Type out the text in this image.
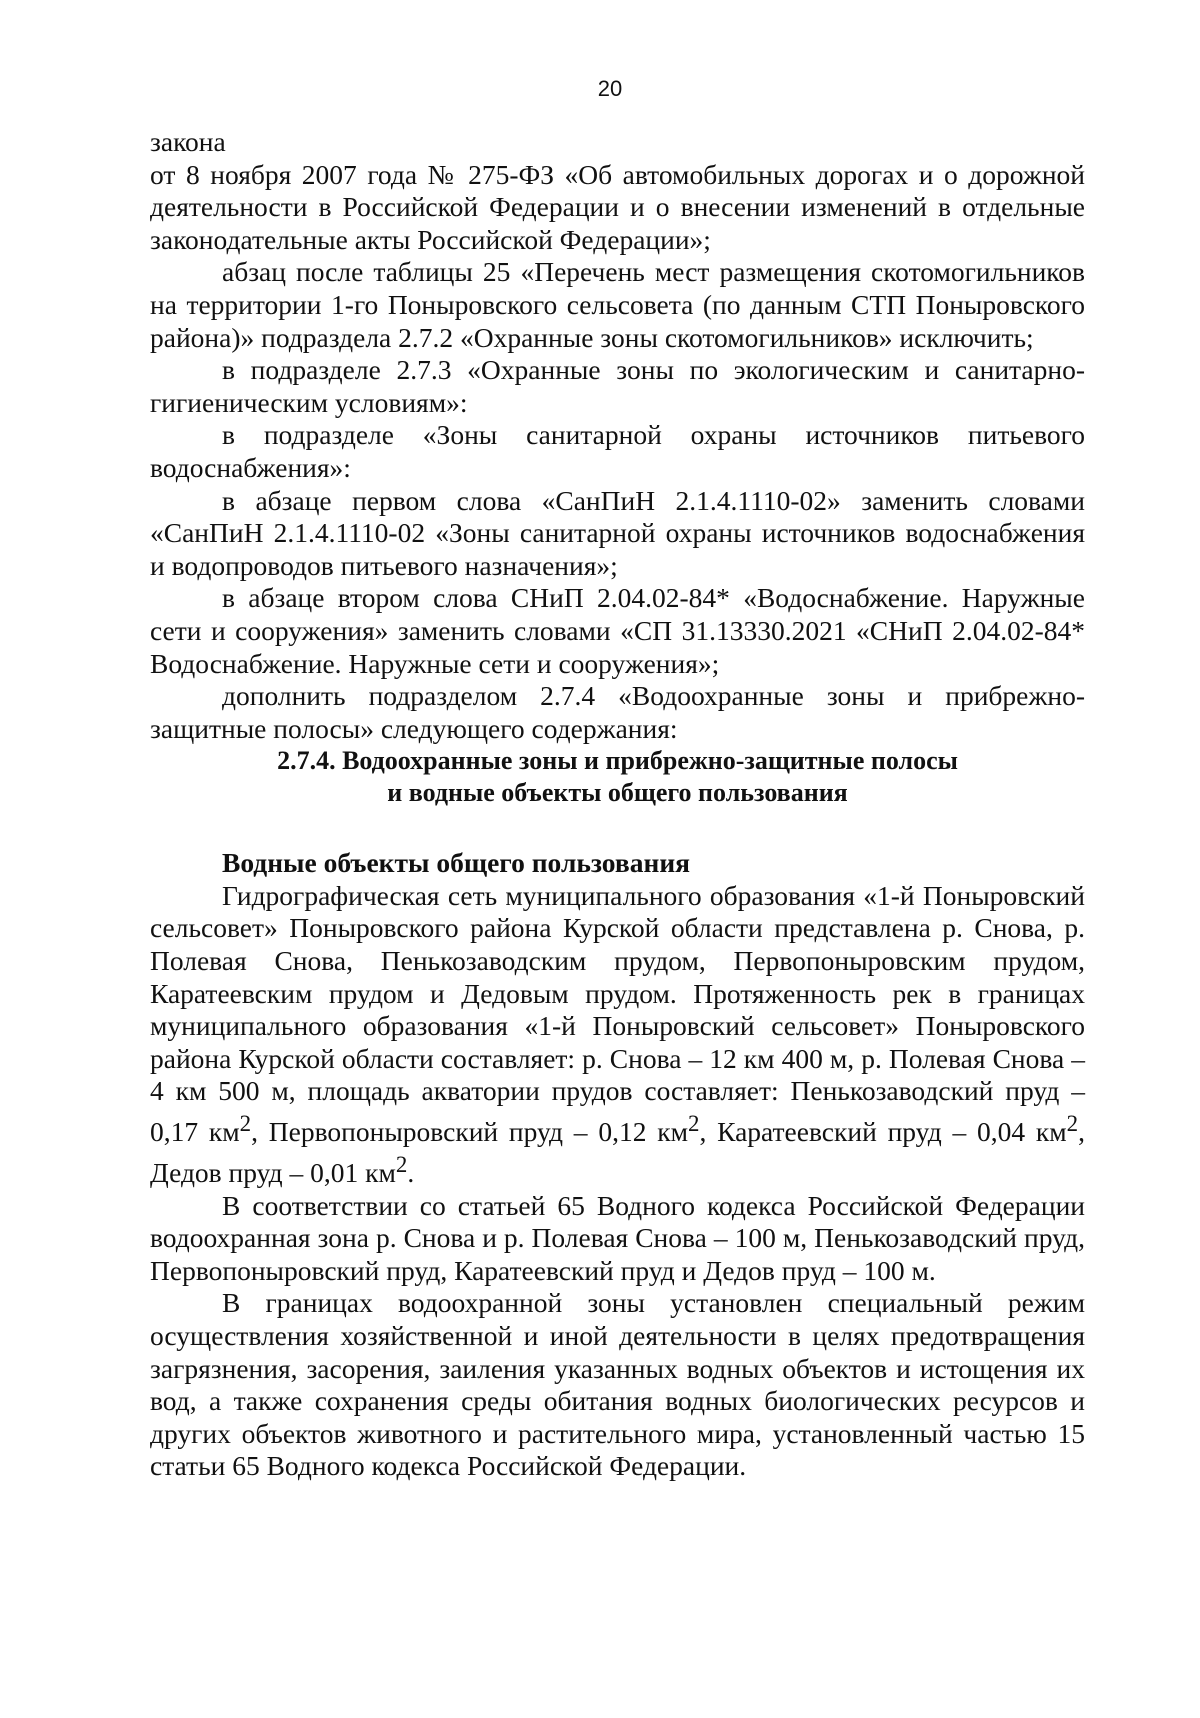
20

закона

от 8 ноября 2007 года № 275-ФЗ «Об автомобильных дорогах и о дорожной деятельности в Российской Федерации и о внесении изменений в отдельные законодательные акты Российской Федерации»;

абзац после таблицы 25 «Перечень мест размещения скотомогильников на территории 1-го Поныровского сельсовета (по данным СТП Поныровского района)» подраздела 2.7.2 «Охранные зоны скотомогильников» исключить;

в подразделе 2.7.3 «Охранные зоны по экологическим и санитарно-гигиеническим условиям»:

в подразделе «Зоны санитарной охраны источников питьевого водоснабжения»:

в абзаце первом слова «СанПиН 2.1.4.1110-02» заменить словами «СанПиН 2.1.4.1110-02 «Зоны санитарной охраны источников водоснабжения и водопроводов питьевого назначения»;

в абзаце втором слова СНиП 2.04.02-84* «Водоснабжение. Наружные сети и сооружения» заменить словами «СП 31.13330.2021 «СНиП 2.04.02-84* Водоснабжение. Наружные сети и сооружения»;

дополнить подразделом 2.7.4 «Водоохранные зоны и прибрежно-защитные полосы» следующего содержания:

2.7.4. Водоохранные зоны и прибрежно-защитные полосы
и водные объекты общего пользования

Водные объекты общего пользования

Гидрографическая сеть муниципального образования «1-й Поныровский сельсовет» Поныровского района Курской области представлена р. Снова, р. Полевая Снова, Пенькозаводским прудом, Первопоныровским прудом, Каратеевским прудом и Дедовым прудом. Протяженность рек в границах муниципального образования «1-й Поныровский сельсовет» Поныровского района Курской области составляет: р. Снова – 12 км 400 м, р. Полевая Снова – 4 км 500 м, площадь акватории прудов составляет: Пенькозаводский пруд – 0,17 $км^2$, Первопоныровский пруд – 0,12 $км^2$, Каратеевский пруд – 0,04 $км^2$, Дедов пруд – 0,01 $км^2$.

В соответствии со статьей 65 Водного кодекса Российской Федерации водоохранная зона р. Снова и р. Полевая Снова – 100 м, Пенькозаводский пруд, Первопоныровский пруд, Каратеевский пруд и Дедов пруд – 100 м.

В границах водоохранной зоны установлен специальный режим осуществления хозяйственной и иной деятельности в целях предотвращения загрязнения, засорения, заиления указанных водных объектов и истощения их вод, а также сохранения среды обитания водных биологических ресурсов и других объектов животного и растительного мира, установленный частью 15 статьи 65 Водного кодекса Российской Федерации.
